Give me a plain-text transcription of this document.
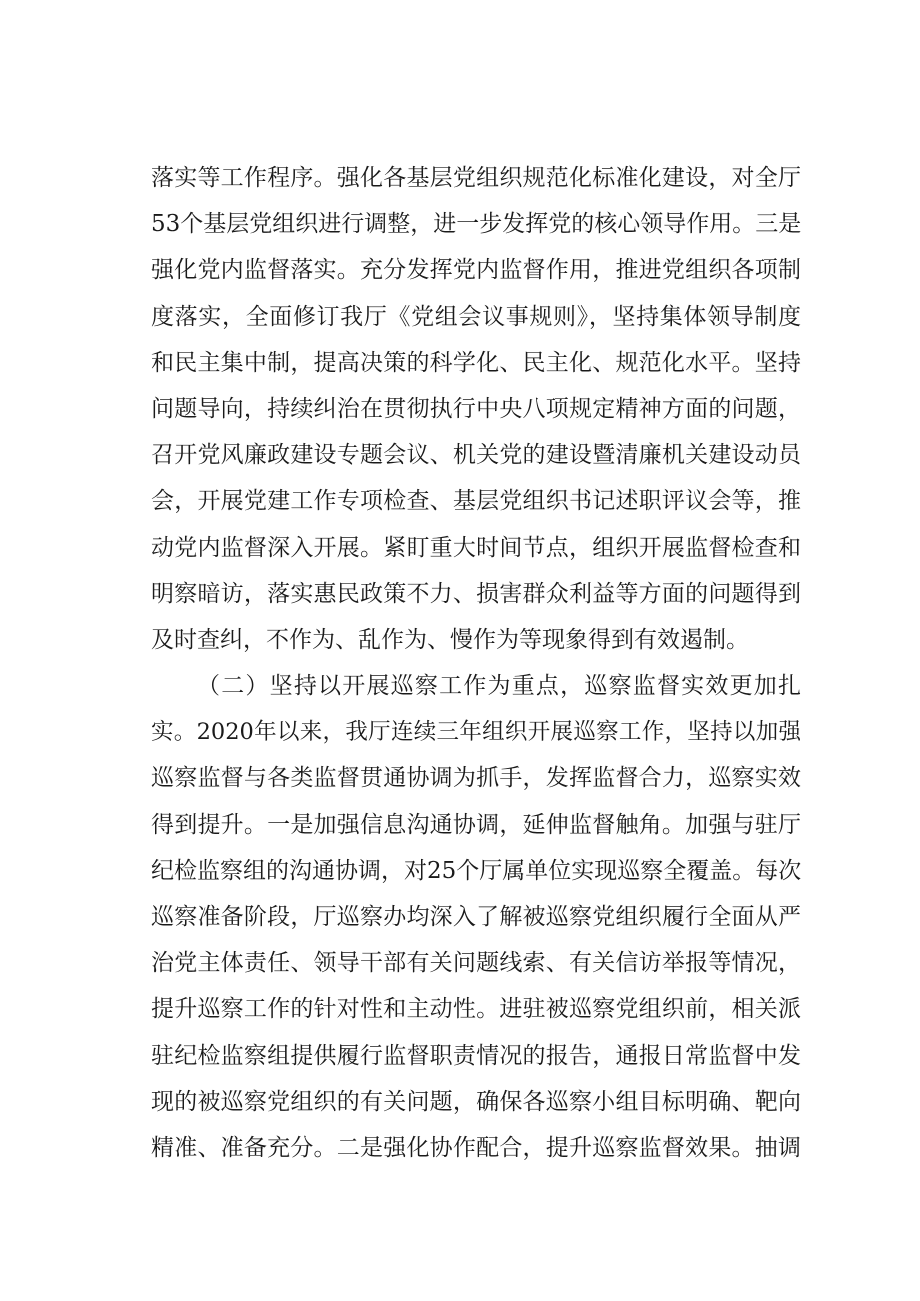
落实等工作程序。强化各基层党组织规范化标准化建设，对全厅
53个基层党组织进行调整，进一步发挥党的核心领导作用。三是
强化党内监督落实。充分发挥党内监督作用，推进党组织各项制
度落实，全面修订我厅《党组会议事规则》，坚持集体领导制度
和民主集中制，提高决策的科学化、民主化、规范化水平。坚持
问题导向，持续纠治在贯彻执行中央八项规定精神方面的问题，
召开党风廉政建设专题会议、机关党的建设暨清廉机关建设动员
会，开展党建工作专项检查、基层党组织书记述职评议会等，推
动党内监督深入开展。紧盯重大时间节点，组织开展监督检查和
明察暗访，落实惠民政策不力、损害群众利益等方面的问题得到
及时查纠，不作为、乱作为、慢作为等现象得到有效遏制。
（二）坚持以开展巡察工作为重点，巡察监督实效更加扎
实。2020年以来，我厅连续三年组织开展巡察工作，坚持以加强
巡察监督与各类监督贯通协调为抓手，发挥监督合力，巡察实效
得到提升。一是加强信息沟通协调，延伸监督触角。加强与驻厅
纪检监察组的沟通协调，对25个厅属单位实现巡察全覆盖。每次
巡察准备阶段，厅巡察办均深入了解被巡察党组织履行全面从严
治党主体责任、领导干部有关问题线索、有关信访举报等情况，
提升巡察工作的针对性和主动性。进驻被巡察党组织前，相关派
驻纪检监察组提供履行监督职责情况的报告，通报日常监督中发
现的被巡察党组织的有关问题，确保各巡察小组目标明确、靶向
精准、准备充分。二是强化协作配合，提升巡察监督效果。抽调
